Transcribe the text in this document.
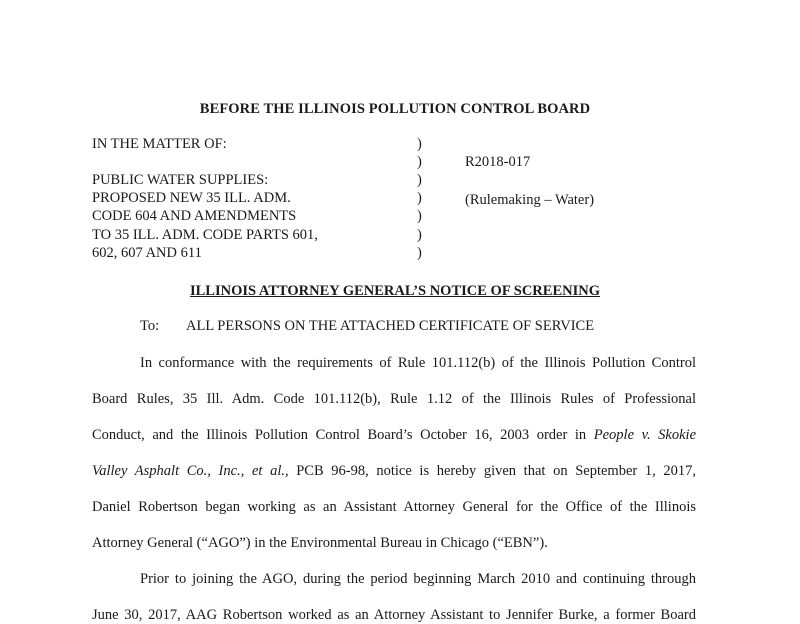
BEFORE THE ILLINOIS POLLUTION CONTROL BOARD
IN THE MATTER OF:
PUBLIC WATER SUPPLIES:
PROPOSED NEW 35 ILL. ADM.
CODE 604 AND AMENDMENTS
TO 35 ILL. ADM. CODE PARTS 601,
602, 607 AND 611
)
)
)
)
)
)
)
R2018-017
(Rulemaking – Water)
ILLINOIS ATTORNEY GENERAL’S NOTICE OF SCREENING
To: ALL PERSONS ON THE ATTACHED CERTIFICATE OF SERVICE
In conformance with the requirements of Rule 101.112(b) of the Illinois Pollution Control
Board Rules, 35 Ill. Adm. Code 101.112(b), Rule 1.12 of the Illinois Rules of Professional
Conduct, and the Illinois Pollution Control Board’s October 16, 2003 order in People v. Skokie
Valley Asphalt Co., Inc., et al., PCB 96-98, notice is hereby given that on September 1, 2017,
Daniel Robertson began working as an Assistant Attorney General for the Office of the Illinois
Attorney General (“AGO”) in the Environmental Bureau in Chicago (“EBN”).
Prior to joining the AGO, during the period beginning March 2010 and continuing through
June 30, 2017, AAG Robertson worked as an Attorney Assistant to Jennifer Burke, a former Board
